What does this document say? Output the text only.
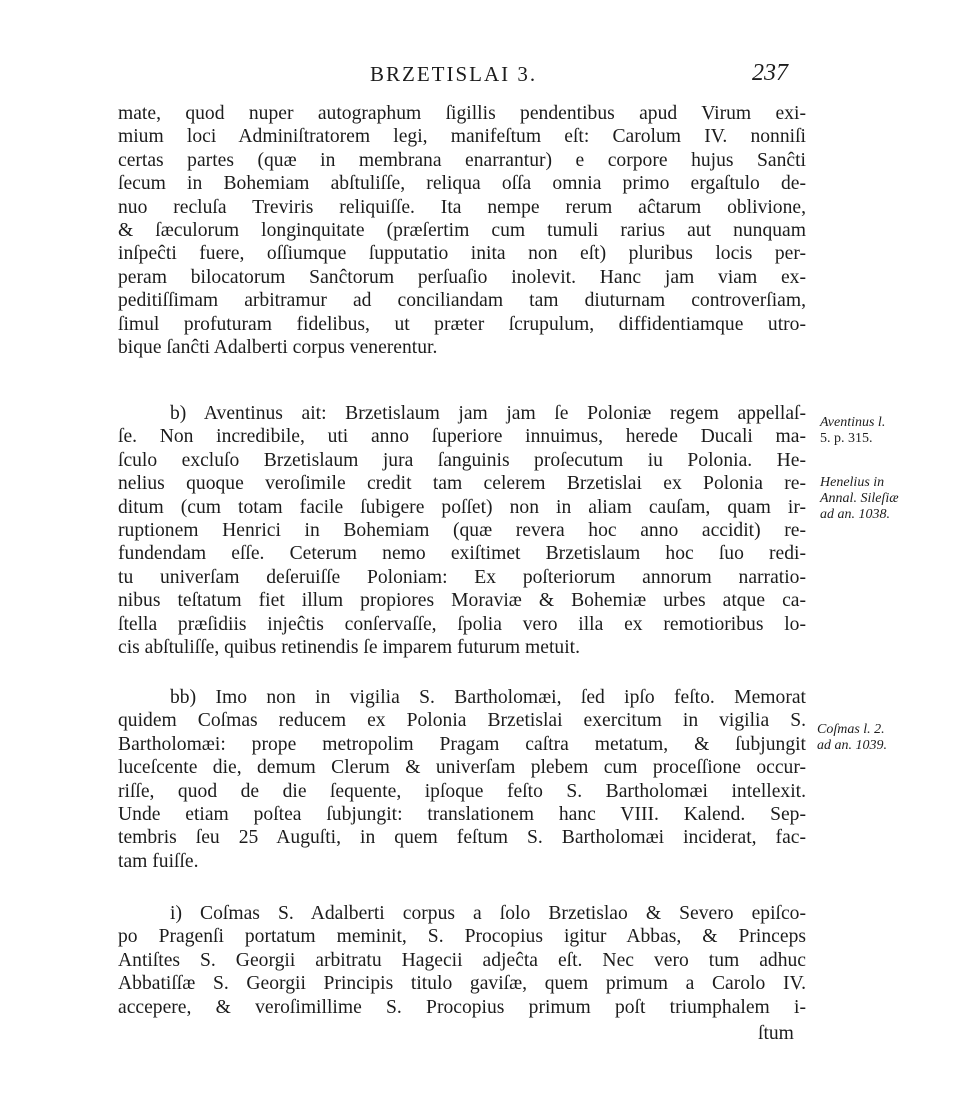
BRZETISLAI 3.	237
mate, quod nuper autographum ſigillis pendentibus apud Virum exi-
mium loci Adminiſtratorem legi, manifeſtum eſt: Carolum IV. nonniſi
certas partes (quæ in membrana enarrantur) e corpore hujus Sanĉti
ſecum in Bohemiam abſtuliſſe, reliqua oſſa omnia primo ergaſtulo de-
nuo recluſa Treviris reliquiſſe. Ita nempe rerum aĉtarum oblivione,
& ſæculorum longinquitate (præſertim cum tumuli rarius aut nunquam
inſpeĉti fuere, oſſiumque ſupputatio inita non eſt) pluribus locis per-
peram bilocatorum Sanĉtorum perſuaſio inolevit. Hanc jam viam ex-
peditiſſimam arbitramur ad conciliandam tam diuturnam controverſiam,
ſimul profuturam fidelibus, ut præter ſcrupulum, diffidentiamque utro-
bique ſanĉti Adalberti corpus venerentur.
b) Aventinus ait: Brzetislaum jam jam ſe Poloniæ regem appellaſ-
ſe. Non incredibile, uti anno ſuperiore innuimus, herede Ducali ma-
ſculo excluſo Brzetislaum jura ſanguinis proſecutum iu Polonia. He-
nelius quoque veroſimile credit tam celerem Brzetislai ex Polonia re-
ditum (cum totam facile ſubigere poſſet) non in aliam cauſam, quam ir-
ruptionem Henrici in Bohemiam (quæ revera hoc anno accidit) re-
fundendam eſſe. Ceterum nemo exiſtimet Brzetislaum hoc ſuo redi-
tu univerſam deſeruiſſe Poloniam: Ex poſteriorum annorum narratio-
nibus teſtatum fiet illum propiores Moraviæ & Bohemiæ urbes atque ca-
ſtella præſidiis injeĉtis conſervaſſe, ſpolia vero illa ex remotioribus lo-
cis abſtuliſſe, quibus retinendis ſe imparem futurum metuit.
bb) Imo non in vigilia S. Bartholomæi, ſed ipſo feſto. Memorat
quidem Coſmas reducem ex Polonia Brzetislai exercitum in vigilia S.
Bartholomæi: prope metropolim Pragam caſtra metatum, & ſubjungit
luceſcente die, demum Clerum & univerſam plebem cum proceſſione occur-
riſſe, quod de die ſequente, ipſoque feſto S. Bartholomæi intellexit.
Unde etiam poſtea ſubjungit: translationem hanc VIII. Kalend. Sep-
tembris ſeu 25 Auguſti, in quem feſtum S. Bartholomæi inciderat, fac-
tam fuiſſe.
i) Coſmas S. Adalberti corpus a ſolo Brzetislao & Severo epiſco-
po Pragenſi portatum meminit, S. Procopius igitur Abbas, & Princeps
Antiſtes S. Georgii arbitratu Hagecii adjeĉta eſt. Nec vero tum adhuc
Abbatiſſæ S. Georgii Principis titulo gaviſæ, quem primum a Carolo IV.
accepere, & veroſimillime S. Procopius primum poſt triumphalem i-
ſtum
Aventinus l.
5. p. 315.
Henelius in
Annal. Sileſiæ
ad an. 1038.
Coſmas l. 2.
ad an. 1039.
